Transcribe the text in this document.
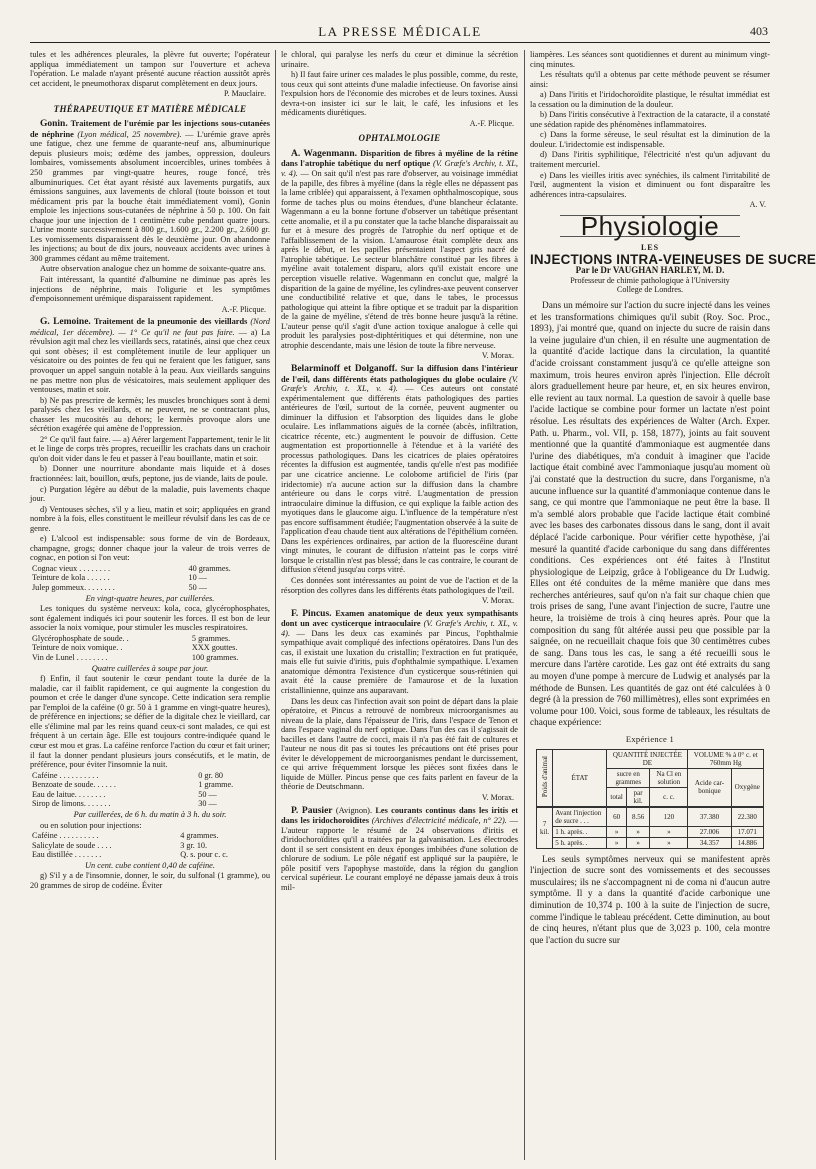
LA PRESSE MÉDICALE	403

tules et les adhérences pleurales, la plèvre fut ouverte; l'opérateur appliqua immédiatement un tampon sur l'ouverture et acheva l'opération. Le malade n'ayant présenté aucune réaction aussitôt après cet accident, le pneumothorax disparut complètement en deux jours.

P. Mauclaire.
THÉRAPEUTIQUE ET MATIÈRE MÉDICALE

Gonin. Traitement de l'urémie par les injections sous-cutanées de néphrine (Lyon médical, 25 novembre). — L'urémie grave après une fatigue, chez une femme de quarante-neuf ans, albuminurique depuis plusieurs mois; œdème des jambes, oppression, douleurs lombaires, vomissements absolument incoercibles, urines tombées à 250 grammes par vingt-quatre heures, rouge foncé, très albuminuriques. Cet état ayant résisté aux lavements purgatifs, aux émissions sanguines, aux lavements de chloral (toute boisson et tout médicament pris par la bouche était immédiatement vomi), Gonin emploie les injections sous-cutanées de néphrine à 50 p. 100. On fait chaque jour une injection de 1 centimètre cube pendant quatre jours. L'urine monte successivement à 800 gr., 1.600 gr., 2.200 gr., 2.600 gr. Les vomissements disparaissent dès le deuxième jour. On abandonne les injections; au bout de dix jours, nouveaux accidents avec urines à 300 grammes cédant au même traitement.

Autre observation analogue chez un homme de soixante-quatre ans.

Fait intéressant, la quantité d'albumine ne diminue pas après les injections de néphrine, mais l'oligurie et les symptômes d'empoisonnement urémique disparaissent rapidement.

A.-F. Plicque.

G. Lemoine. Traitement de la pneumonie des vieillards (Nord médical, 1er décembre). — 1° Ce qu'il ne faut pas faire. — a) La révulsion agit mal chez les vieillards secs, ratatinés, ainsi que chez ceux qui sont obèses; il est complètement inutile de leur appliquer un vésicatoire ou des pointes de feu qui ne feraient que les fatiguer, sans provoquer un appel sanguin notable à la peau. Aux vieillards sanguins ne pas mettre non plus de vésicatoires, mais seulement appliquer des ventouses, matin et soir.

b) Ne pas prescrire de kermès; les muscles bronchiques sont à demi paralysés chez les vieillards, et ne peuvent, ne se contractant plus, chasser les mucosités au dehors; le kermès provoque alors une sécrétion exagérée qui amène de l'oppression.

2° Ce qu'il faut faire. — a) Aérer largement l'appartement, tenir le lit et le linge de corps très propres, recueillir les crachats dans un crachoir qu'on doit vider dans le feu et passer à l'eau bouillante, matin et soir.

b) Donner une nourriture abondante mais liquide et à doses fractionnées: lait, bouillon, œufs, peptone, jus de viande, laits de poule.

c) Purgation légère au début de la maladie, puis lavements chaque jour.

d) Ventouses sèches, s'il y a lieu, matin et soir; appliquées en grand nombre à la fois, elles constituent le meilleur révulsif dans les cas de ce genre.

e) L'alcool est indispensable: sous forme de vin de Bordeaux, champagne, grogs; donner chaque jour la valeur de trois verres de cognac, en potion si l'on veut:

Cognac vieux . . . . . . . .	40 grammes.
Teinture de kola . . . . . .	10 —
Julep gommeux. . . . . . . .	50 —

En vingt-quatre heures, par cuillerées.

Les toniques du système nerveux: kola, coca, glycérophosphates, sont également indiqués ici pour soutenir les forces. Il est bon de leur associer la noix vomique, pour stimuler les muscles respiratoires.

Glycérophosphate de soude. .	5 grammes.
Teinture de noix vomique. .	XXX gouttes.
Vin de Lunel . . . . . . . .	100 grammes.

Quatre cuillerées à soupe par jour.

f) Enfin, il faut soutenir le cœur pendant toute la durée de la maladie, car il faiblit rapidement, ce qui augmente la congestion du poumon et crée le danger d'une syncope. Cette indication sera remplie par l'emploi de la caféine (0 gr. 50 à 1 gramme en vingt-quatre heures), de préférence en injections; se défier de la digitale chez le vieillard, car elle s'élimine mal par les reins quand ceux-ci sont malades, ce qui est fréquent à un certain âge. Elle est toujours contre-indiquée quand le cœur est mou et gras. La caféine renforce l'action du cœur et fait uriner; il faut la donner pendant plusieurs jours consécutifs, et le matin, de préférence, pour éviter l'insomnie la nuit.

Caféine . . . . . . . . . .	0 gr. 80
Benzoate de soude. . . . . .	1 gramme.
Eau de laitue. . . . . . . .	50 —
Sirop de limons. . . . . . .	30 —

Par cuillerées, de 6 h. du matin à 3 h. du soir.

ou en solution pour injections:

Caféine . . . . . . . . . .	4 grammes.
Salicylate de soude . . . .	3 gr. 10.
Eau distillée . . . . . . .	Q. s. pour c. c.

Un cent. cube contient 0,40 de caféine.

g) S'il y a de l'insomnie, donner, le soir, du sulfonal (1 gramme), ou 20 grammes de sirop de codéine. Éviter

le chloral, qui paralyse les nerfs du cœur et diminue la sécrétion urinaire.

h) Il faut faire uriner ces malades le plus possible, comme, du reste, tous ceux qui sont atteints d'une maladie infectieuse. On favorise ainsi l'expulsion hors de l'économie des microbes et de leurs toxines. Aussi devra-t-on insister ici sur le lait, le café, les infusions et les médicaments diurétiques.

A.-F. Plicque.
OPHTALMOLOGIE

A. Wagenmann. Disparition de fibres à myéline de la rétine dans l'atrophie tabétique du nerf optique (V. Græfe's Archiv, t. XL, v. 4). — On sait qu'il n'est pas rare d'observer, au voisinage immédiat de la papille, des fibres à myéline (dans la règle elles ne dépassent pas la lame criblée) qui apparaissent, à l'examen ophthalmoscopique, sous forme de taches plus ou moins étendues, d'une blancheur éclatante. Wagenmann a eu la bonne fortune d'observer un tabétique présentant cette anomalie, et il a pu constater que la tache blanche disparaissait au fur et à mesure des progrès de l'atrophie du nerf optique et de l'affaiblissement de la vision. L'amaurose était complète deux ans après le début, et les papilles présentaient l'aspect gris nacré de l'atrophie tabétique. Le secteur blanchâtre constitué par les fibres à myéline avait totalement disparu, alors qu'il existait encore une perception visuelle relative. Wagenmann en conclut que, malgré la disparition de la gaine de myéline, les cylindres-axe peuvent conserver une conductibilité relative et que, dans le tabes, le processus pathologique qui atteint la fibre optique et se traduit par la disparition de la gaine de myéline, s'étend de très bonne heure jusqu'à la rétine. L'auteur pense qu'il s'agit d'une action toxique analogue à celle qui produit les paralysies post-diphtéritiques et qui détermine, non une atrophie descendante, mais une lésion de toute la fibre nerveuse.

V. Morax.

Belarminoff et Dolganoff. Sur la diffusion dans l'intérieur de l'œil, dans différents états pathologiques du globe oculaire (V. Græfe's Archiv, t. XL, v. 4). — Ces auteurs ont constaté expérimentalement que différents états pathologiques des parties antérieures de l'œil, surtout de la cornée, peuvent augmenter ou diminuer la diffusion et l'absorption des liquides dans le globe oculaire. Les inflammations aiguës de la cornée (abcès, infiltration, cicatrice récente, etc.) augmentent le pouvoir de diffusion. Cette augmentation est proportionnelle à l'étendue et à la variété des processus pathologiques. Dans les cicatrices de plaies opératoires récentes la diffusion est augmentée, tandis qu'elle n'est pas modifiée par une cicatrice ancienne. Le colobome artificiel de l'iris (par iridectomie) n'a aucune action sur la diffusion dans la chambre antérieure ou dans le corps vitré. L'augmentation de pression intraoculaire diminue la diffusion, ce qui explique la faible action des myotiques dans le glaucome aigu. L'influence de la température n'est pas encore suffisamment étudiée; l'augmentation observée à la suite de l'application d'eau chaude tient aux altérations de l'épithélium cornéen. Dans les expériences ordinaires, par action de la fluorescéine durant vingt minutes, le courant de diffusion n'atteint pas le corps vitré lorsque le cristallin n'est pas blessé; dans le cas contraire, le courant de diffusion s'étend jusqu'au corps vitré.

Ces données sont intéressantes au point de vue de l'action et de la résorption des collyres dans les différents états pathologiques de l'œil.

V. Morax.

F. Pincus. Examen anatomique de deux yeux sympathisants dont un avec cysticerque intraoculaire (V. Græfe's Archiv, t. XL, v. 4). — Dans les deux cas examinés par Pincus, l'ophthalmie sympathique avait compliqué des infections opératoires. Dans l'un des cas, il existait une luxation du cristallin; l'extraction en fut pratiquée, mais elle fut suivie d'iritis, puis d'ophthalmie sympathique. L'examen anatomique démontra l'existence d'un cysticerque sous-rétinien qui avait été la cause première de l'amaurose et de la luxation cristallinienne, quinze ans auparavant.

Dans les deux cas l'infection avait son point de départ dans la plaie opératoire, et Pincus a retrouvé de nombreux microorganismes au niveau de la plaie, dans l'épaisseur de l'iris, dans l'espace de Tenon et dans l'espace vaginal du nerf optique. Dans l'un des cas il s'agissait de bacilles et dans l'autre de cocci, mais il n'a pas été fait de cultures et l'auteur ne nous dit pas si toutes les précautions ont été prises pour éviter le développement de microorganismes pendant le durcissement, ce qui arrive fréquemment lorsque les pièces sont fixées dans le liquide de Müller. Pincus pense que ces faits parlent en faveur de la théorie de Deutschmann.

V. Morax.

P. Pausier (Avignon). Les courants continus dans les iritis et dans les iridochoroïdites (Archives d'électricité médicale, n° 22). — L'auteur rapporte le résumé de 24 observations d'iritis et d'iridochoroïdites qu'il a traitées par la galvanisation. Les électrodes dont il se sert consistent en deux éponges imbibées d'une solution de chlorure de sodium. Le pôle négatif est appliqué sur la paupière, le pôle positif vers l'apophyse mastoïde, dans la région du ganglion cervical supérieur. Le courant employé ne dépasse jamais deux à trois mil-

liampères. Les séances sont quotidiennes et durent au minimum vingt-cinq minutes.

Les résultats qu'il a obtenus par cette méthode peuvent se résumer ainsi:

a) Dans l'iritis et l'iridochoroïdite plastique, le résultat immédiat est la cessation ou la diminution de la douleur.

b) Dans l'iritis consécutive à l'extraction de la cataracte, il a constaté une sédation rapide des phénomènes inflammatoires.

c) Dans la forme séreuse, le seul résultat est la diminution de la douleur. L'iridectomie est indispensable.

d) Dans l'iritis syphilitique, l'électricité n'est qu'un adjuvant du traitement mercuriel.

e) Dans les vieilles iritis avec synéchies, ils calment l'irritabilité de l'œil, augmentent la vision et diminuent ou font disparaître les adhérences intra-capsulaires.

A. V.
Physiologie
LES
INJECTIONS INTRA-VEINEUSES DE SUCRE
Par le Dr VAUGHAN HARLEY, M. D.
Professeur de chimie pathologique à l'University
College de Londres.

Dans un mémoire sur l'action du sucre injecté dans les veines et les transformations chimiques qu'il subit (Roy. Soc. Proc., 1893), j'ai montré que, quand on injecte du sucre de raisin dans la veine jugulaire d'un chien, il en résulte une augmentation de la quantité d'acide lactique dans la circulation, la quantité d'acide croissant constamment jusqu'à ce qu'elle atteigne son maximum, trois heures environ après l'injection. Elle décroît alors graduellement heure par heure, et, en six heures environ, elle revient au taux normal. La question de savoir à quelle base l'acide lactique se combine pour former un lactate n'est point résolue. Les résultats des expériences de Walter (Arch. Exper. Path. u. Pharm., vol. VII, p. 158, 1877), joints au fait souvent mentionné que la quantité d'ammoniaque est augmentée dans l'urine des diabétiques, m'a conduit à imaginer que l'acide lactique était combiné avec l'ammoniaque jusqu'au moment où j'ai constaté que la destruction du sucre, dans l'organisme, n'a aucune influence sur la quantité d'ammoniaque contenue dans le sang, ce qui montre que l'ammoniaque ne peut être la base. Il m'a semblé alors probable que l'acide lactique était combiné avec les bases des carbonates dissous dans le sang, dont il avait déplacé l'acide carbonique. Pour vérifier cette hypothèse, j'ai mesuré la quantité d'acide carbonique du sang dans différentes conditions. Ces expériences ont été faites à l'Institut physiologique de Leipzig, grâce à l'obligeance du Dr Ludwig. Elles ont été conduites de la même manière que dans mes recherches antérieures, sauf qu'on n'a fait sur chaque chien que trois prises de sang, l'une avant l'injection de sucre, l'autre une heure, la troisième de trois à cinq heures après. Pour que la composition du sang fût altérée aussi peu que possible par la saignée, on ne recueillait chaque fois que 30 centimètres cubes de sang. Dans tous les cas, le sang a été recueilli sous le mercure dans l'artère carotide. Les gaz ont été extraits du sang au moyen d'une pompe à mercure de Ludwig et analysés par la méthode de Bunsen. Les quantités de gaz ont été calculées à 0 degré (à la pression de 760 millimètres), elles sont exprimées en volume pour 100. Voici, sous forme de tableaux, les résultats de chaque expérience:

Expérience 1
Poids d'animal	ÉTAT	QUANTITÉ INJECTÉE DE			VOLUME % à 0° c. et 760mm Hg	
		sucre en grammes		Na Cl en solution	Acide car-bonique	Oxygène
		total	par kil.	c. c.		
7 kil.	Avant l'injection de sucre . . .	60	8.56	120	37.380	22.380
	1 h. après. .	»	»	»	27.006	17.071
	5 h. après. .	»	»	»	34.357	14.886

Les seuls symptômes nerveux qui se manifestent après l'injection de sucre sont des vomissements et des secousses musculaires; ils ne s'accompagnent ni de coma ni d'aucun autre symptôme. Il y a dans la quantité d'acide carbonique une diminution de 10,374 p. 100 à la suite de l'injection de sucre, comme l'indique le tableau précédent. Cette diminution, au bout de cinq heures, n'étant plus que de 3,023 p. 100, cela montre que l'action du sucre sur
